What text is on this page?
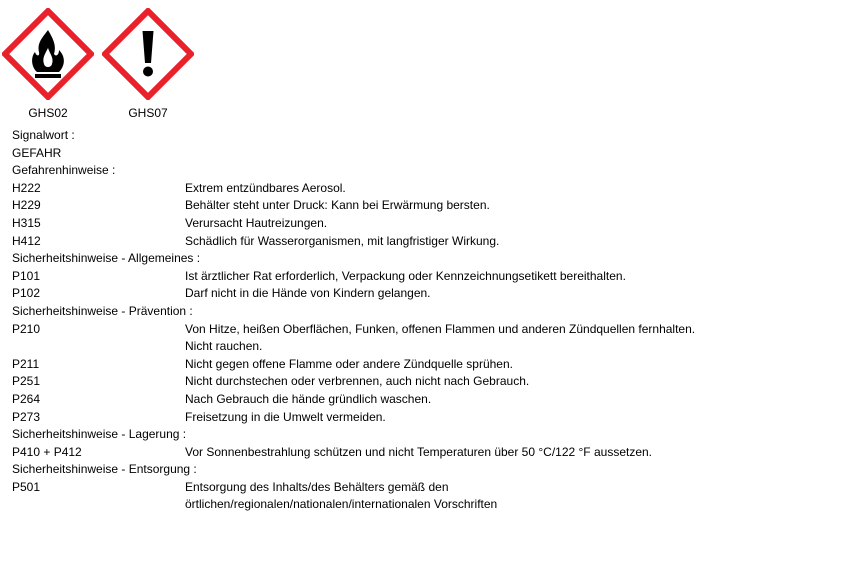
GHS02	GHS07
Signalwort :
GEFAHR
Gefahrenhinweise :
H222	Extrem entzündbares Aerosol.
H229	Behälter steht unter Druck: Kann bei Erwärmung bersten.
H315	Verursacht Hautreizungen.
H412	Schädlich für Wasserorganismen, mit langfristiger Wirkung.
Sicherheitshinweise - Allgemeines :
P101	Ist ärztlicher Rat erforderlich, Verpackung oder Kennzeichnungsetikett bereithalten.
P102	Darf nicht in die Hände von Kindern gelangen.
Sicherheitshinweise - Prävention :
P210	Von Hitze, heißen Oberflächen, Funken, offenen Flammen und anderen Zündquellen fernhalten.
Nicht rauchen.
P211	Nicht gegen offene Flamme oder andere Zündquelle sprühen.
P251	Nicht durchstechen oder verbrennen, auch nicht nach Gebrauch.
P264	Nach Gebrauch die hände gründlich waschen.
P273	Freisetzung in die Umwelt vermeiden.
Sicherheitshinweise - Lagerung :
P410 + P412	Vor Sonnenbestrahlung schützen und nicht Temperaturen über 50 °C/122 °F aussetzen.
Sicherheitshinweise - Entsorgung :
P501	Entsorgung des Inhalts/des Behälters gemäß den
örtlichen/regionalen/nationalen/internationalen Vorschriften
